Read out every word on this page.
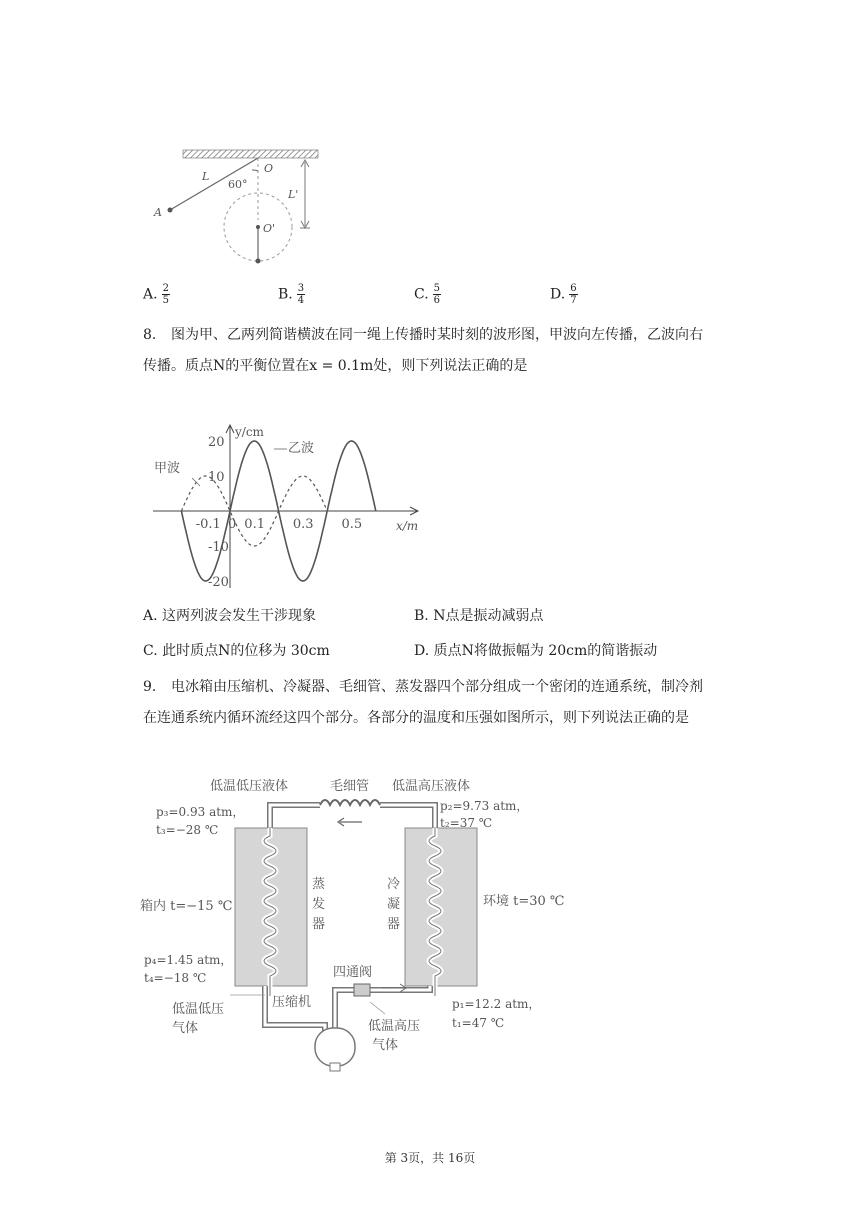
O
L
60°
L'
A
O'
A. $\frac{2}{5}$	B. $\frac{3}{4}$	C. $\frac{5}{6}$	D. $\frac{6}{7}$
8. 图为甲、乙两列简谐横波在同一绳上传播时某时刻的波形图，甲波向左传播，乙波向右
传播。质点N的平衡位置在x = 0.1m处，则下列说法正确的是
-0.1 0 0.1 0.3 0.5
20
10
-10
-20
y/cm
x/m
甲波
乙波
A. 这两列波会发生干涉现象	B. N点是振动减弱点
C. 此时质点N的位移为 30cm	D. 质点N将做振幅为 20cm的简谐振动
9. 电冰箱由压缩机、冷凝器、毛细管、蒸发器四个部分组成一个密闭的连通系统，制冷剂
在连通系统内循环流经这四个部分。各部分的温度和压强如图所示，则下列说法正确的是
低温低压液体	毛细管 低温高压液体
p₃=0.93 atm，
t₃=−28 ℃
p₂=9.73 atm，
t₂=37 ℃
蒸
发
器
冷
凝
器
箱内 t=−15 ℃	环境 t=30 ℃
p₄=1.45 atm，
t₄=−18 ℃	四通阀
压缩机
低温低压
气体	低温高压
气体
p₁=12.2 atm，
t₁=47 ℃
第 3页，共 16页
